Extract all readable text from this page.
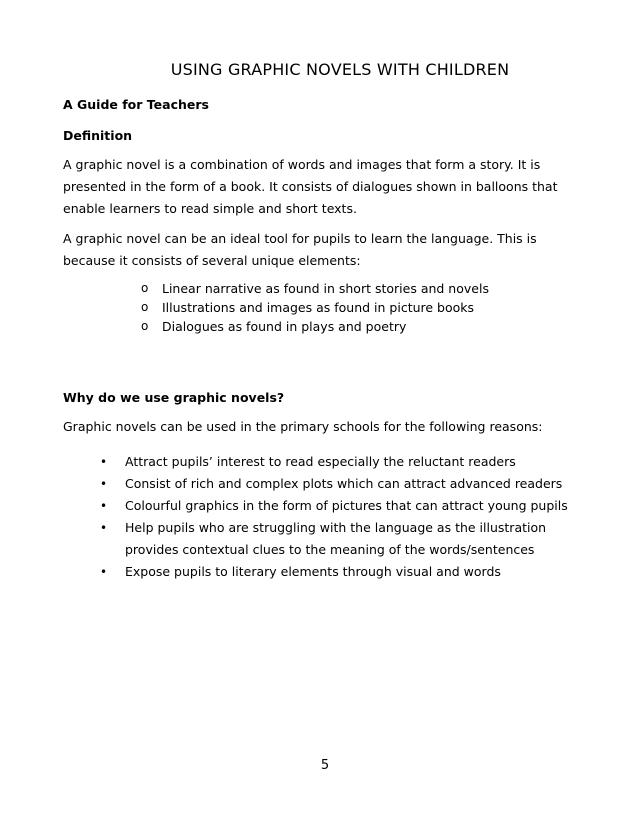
USING GRAPHIC NOVELS WITH CHILDREN
A Guide for Teachers
Definition
A graphic novel is a combination of words and images that form a story. It is presented in the form of a book. It consists of dialogues shown in balloons that enable learners to read simple and short texts.
A graphic novel can be an ideal tool for pupils to learn the language. This is because it consists of several unique elements:
o Linear narrative as found in short stories and novels
o Illustrations and images as found in picture books
o Dialogues as found in plays and poetry
Why do we use graphic novels?
Graphic novels can be used in the primary schools for the following reasons:
• Attract pupils’ interest to read especially the reluctant readers
• Consist of rich and complex plots which can attract advanced readers
• Colourful graphics in the form of pictures that can attract young pupils
• Help pupils who are struggling with the language as the illustration provides contextual clues to the meaning of the words/sentences
• Expose pupils to literary elements through visual and words
5
